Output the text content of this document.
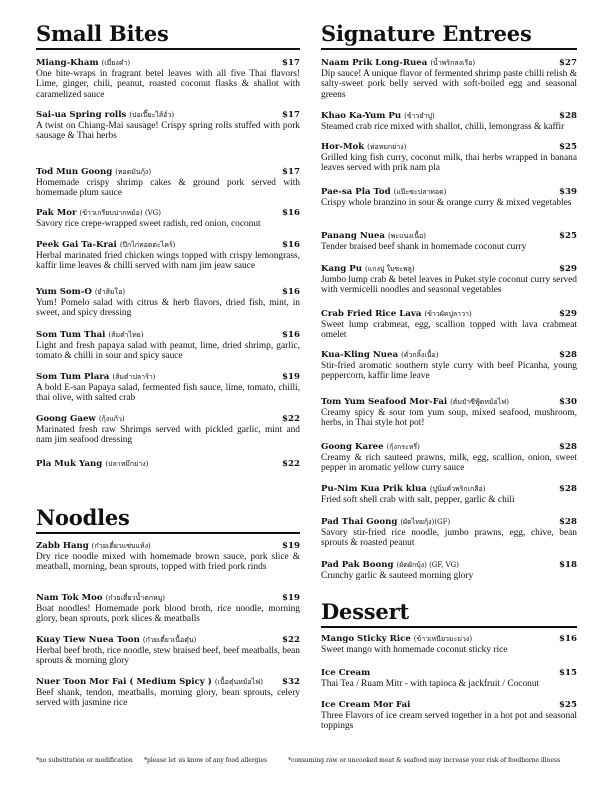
Small Bites
Miang-Kham (เมี่ยงคำ)	$17
One bite-wraps in fragrant betel leaves with all five Thai flavors! Lime, ginger, chili, peanut, roasted coconut flasks & shallot with caramelized sauce
Sai-ua Spring rolls (ปอเปี๊ยะไส้อั่ว)	$17
A twist on Chiang-Mai sausage! Crispy spring rolls stuffed with pork sausage & Thai herbs
Tod Mun Goong (ทอดมันกุ้ง)	$17
Homemade crispy shrimp cakes & ground pork served with homemade plum sauce
Pak Mor (ข้าวเกรียบปากหม้อ) (VG)	$16
Savory rice crepe-wrapped sweet radish, red onion, coconut
Peek Gai Ta-Krai (ปีกไก่ทอดตะไคร้)	$16
Herbal marinated fried chicken wings topped with crispy lemongrass, kaffir lime leaves & chilli served with nam jim jeaw sauce
Yum Som-O (ยำส้มโอ)	$16
Yum! Pomelo salad with citrus & herb flavors, dried fish, mint, in sweet, and spicy dressing
Som Tum Thai (ส้มตำไทย)	$16
Light and fresh papaya salad with peanut, lime, dried shrimp, garlic, tomato & chilli in sour and spicy sauce
Som Tum Plara (ส้มตำปลาร้า)	$19
A bold E-san Papaya salad, fermented fish sauce, lime, tomato, chilli, thai olive, with salted crab
Goong Gaew (กุ้งแก้ว)	$22
Marinated fresh raw Shrimps served with pickled garlic, mint and nam jim seafood dressing
Pla Muk Yang (ปลาหมึกย่าง)	$22
Noodles
Zabb Hang (ก๋วยเตี๋ยวแซ่บแห้ง)	$19
Dry rice noodle mixed with homemade brown sauce, pork slice & meatball, morning, bean sprouts, topped with fried pork rinds
Nam Tok Moo (ก๋วยเตี๋ยวน้ำตกหมู)	$19
Boat noodles! Homemade pork blood broth, rice noodle, morning glory, bean sprouts, pork slices & meatballs
Kuay Tiew Nuea Toon (ก๋วยเตี๋ยวเนื้อตุ๋น)	$22
Herbal beef broth, rice noodle, stew braised beef, beef meatballs, bean sprouts & morning glory
Nuer Toon Mor Fai ( Medium Spicy ) (เนื้อตุ๋นหม้อไฟ) $32
Beef shank, tendon, meatballs, morning glory, bean sprouts, celery served with jasmine rice
Signature Entrees
Naam Prik Long-Ruea (น้ำพริกลงเรือ)	$27
Dip sauce! A unique flavor of fermented shrimp paste chilli relish & salty-sweet pork belly served with soft-boiled egg and seasonal greens
Khao Ka-Yum Pu (ข้าวยำปู)	$28
Steamed crab rice mixed with shallot, chilli, lemongrass & kaffir
Hor-Mok (ห่อหมกย่าง)	$25
Grilled king fish curry, coconut milk, thai herbs wrapped in banana leaves served with prik nam pla
Pae-sa Pla Tod (แป๊ะซะปลาทอด)	$39
Crispy whole branzino in sour & orange curry & mixed vegetables
Panang Nuea (พะแนงเนื้อ)	$25
Tender braised beef shank in homemade coconut curry
Kang Pu (แกงปู ใบชะพลู)	$29
Jumbo lump crab & betel leaves in Puket style coconut curry served with vermicelli noodles and seasonal vegetables
Crab Fried Rice Lava (ข้าวผัดปูลาวา)	$29
Sweet lump crabmeat, egg, scallion topped with lava crabmeat omelet
Kua-Kling Nuea (คั่วกลิ้งเนื้อ)	$28
Stir-fried aromatic southern style curry with beef Picanha, young peppercorn, kaffir lime leave
Tom Yum Seafood Mor-Fai (ต้มยำซีฟู้ดหม้อไฟ)	$30
Creamy spicy & sour tom yum soup, mixed seafood, mushroom, herbs, in Thai style hot pot!
Goong Karee (กุ้งกระหรี่)	$28
Creamy & rich sauteed prawns, milk, egg, scallion, onion, sweet pepper in aromatic yellow curry sauce
Pu-Nim Kua Prik klua (ปูนิ่มคั่วพริกเกลือ)	$28
Fried soft shell crab with salt, pepper, garlic & chili
Pad Thai Goong (ผัดไทยกุ้ง)(GF)	$28
Savory stir-fried rice noodle, jumbo prawns, egg, chive, bean sprouts & roasted peanut
Pad Pak Boong (ผัดผักบุ้ง) (GF, VG)	$18
Crunchy garlic & sauteed morning glory
Dessert
Mango Sticky Rice (ข้าวเหนียวมะม่วง)	$16
Sweet mango with homemade coconut sticky rice
Ice Cream	$15
Thai Tea / Ruam Mitr - with tapioca & jackfruit / Coconut
Ice Cream Mor Fai	$25
Three Flavors of ice cream served together in a hot pot and seasonal toppings
*no substitution or modification *please let us know of any food allergies	*consuming raw or uncooked meat & seafood may increase your risk of foodborne illness
